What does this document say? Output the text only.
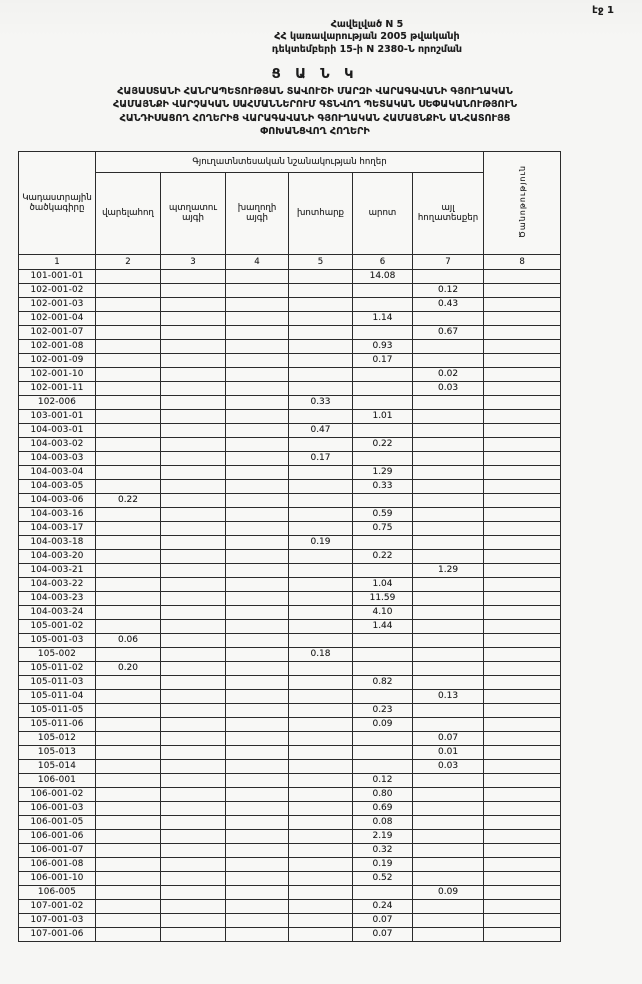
էջ 1
Հավելված N 5
ՀՀ կառավարության 2005 թվականի
դեկտեմբերի 15-ի N 2380-Ն որոշման
Ց Ա Ն Կ
ՀԱՅԱՍՏԱՆԻ ՀԱՆՐԱՊԵՏՈՒԹՅԱՆ ՏԱՎՈՒՇԻ ՄԱՐԶԻ ՎԱՐԱԳԱՎԱՆԻ ԳՅՈՒՂԱԿԱՆ
ՀԱՄԱՅՆՔԻ ՎԱՐՉԱԿԱՆ ՍԱՀՄԱՆՆԵՐՈՒՄ ԳՏՆՎՈՂ ՊԵՏԱԿԱՆ ՍԵՓԱԿԱՆՈՒԹՅՈՒՆ
ՀԱՆԴԻՍԱՑՈՂ ՀՈՂԵՐԻՑ ՎԱՐԱԳԱՎԱՆԻ ԳՅՈՒՂԱԿԱՆ ՀԱՄԱՅՆՔԻՆ ԱՆՀԱՏՈՒՅՑ
ՓՈԽԱՆՑՎՈՂ ՀՈՂԵՐԻ
Կադաստրային ծածկագիրը	Գյուղատնտեսական նշանակության հողեր						Ծանոթություն
	վարելահող	պտղատու այգի	խաղողի այգի	խոտհարք	արոտ	այլ հողատեսքեր	
1	2	3	4	5	6	7	8
101-001-01					14.08		
102-001-02						0.12	
102-001-03						0.43	
102-001-04					1.14		
102-001-07						0.67	
102-001-08					0.93		
102-001-09					0.17		
102-001-10						0.02	
102-001-11						0.03	
102-006				0.33			
103-001-01					1.01		
104-003-01				0.47			
104-003-02					0.22		
104-003-03				0.17			
104-003-04					1.29		
104-003-05					0.33		
104-003-06	0.22						
104-003-16					0.59		
104-003-17					0.75		
104-003-18				0.19			
104-003-20					0.22		
104-003-21						1.29	
104-003-22					1.04		
104-003-23					11.59		
104-003-24					4.10		
105-001-02					1.44		
105-001-03	0.06						
105-002				0.18			
105-011-02	0.20						
105-011-03					0.82		
105-011-04						0.13	
105-011-05					0.23		
105-011-06					0.09		
105-012						0.07	
105-013						0.01	
105-014						0.03	
106-001					0.12		
106-001-02					0.80		
106-001-03					0.69		
106-001-05					0.08		
106-001-06					2.19		
106-001-07					0.32		
106-001-08					0.19		
106-001-10					0.52		
106-005						0.09	
107-001-02					0.24		
107-001-03					0.07		
107-001-06					0.07		
